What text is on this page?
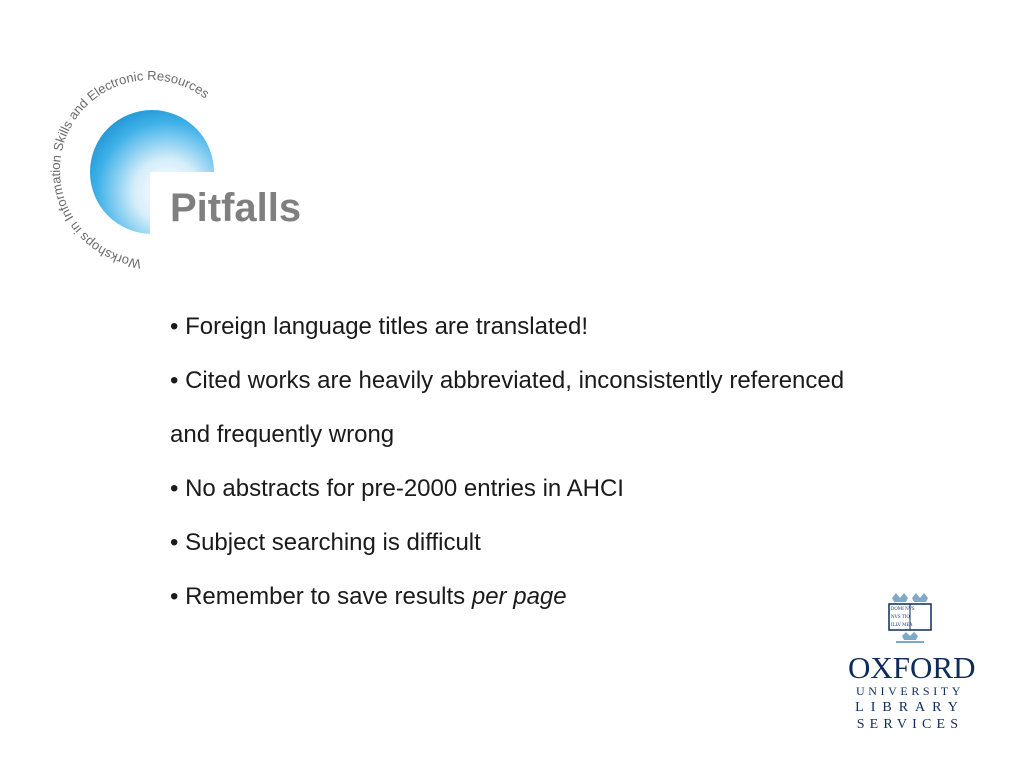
Workshops in Inform Skills and Electronic Resources
Pitfalls
• Foreign language titles are translated!
• Cited works are heavily abbreviated, inconsistently referenced
and frequently wrong
• No abstracts for pre-2000 entries in AHCI
• Subject searching is difficult
• Remember to save results per page	DOMI NVS
NVS TIO
ILLV MEA
OXFORD
UNIVERSITY
LIBRARY
SERVICES
